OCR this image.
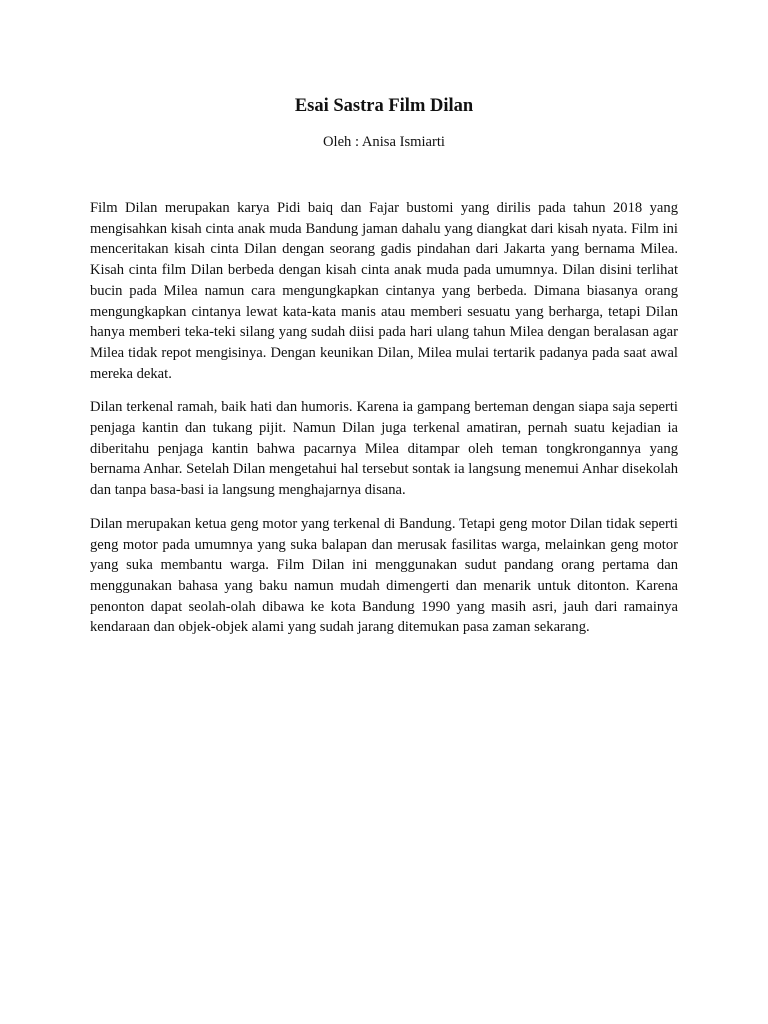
Esai Sastra Film Dilan

Oleh : Anisa Ismiarti

Film Dilan merupakan karya Pidi baiq dan Fajar bustomi yang dirilis pada tahun 2018 yang mengisahkan kisah cinta anak muda Bandung jaman dahalu yang diangkat dari kisah nyata. Film ini menceritakan kisah cinta Dilan dengan seorang gadis pindahan dari Jakarta yang bernama Milea. Kisah cinta film Dilan berbeda dengan kisah cinta anak muda pada umumnya. Dilan disini terlihat bucin pada Milea namun cara mengungkapkan cintanya yang berbeda. Dimana biasanya orang mengungkapkan cintanya lewat kata-kata manis atau memberi sesuatu yang berharga, tetapi Dilan hanya memberi teka-teki silang yang sudah diisi pada hari ulang tahun Milea dengan beralasan agar Milea tidak repot mengisinya. Dengan keunikan Dilan, Milea mulai tertarik padanya pada saat awal mereka dekat.

Dilan terkenal ramah, baik hati dan humoris. Karena ia gampang berteman dengan siapa saja seperti penjaga kantin dan tukang pijit. Namun Dilan juga terkenal amatiran, pernah suatu kejadian ia diberitahu penjaga kantin bahwa pacarnya Milea ditampar oleh teman tongkrongannya yang bernama Anhar. Setelah Dilan mengetahui hal tersebut sontak ia langsung menemui Anhar disekolah dan tanpa basa-basi ia langsung menghajarnya disana.

Dilan merupakan ketua geng motor yang terkenal di Bandung. Tetapi geng motor Dilan tidak seperti geng motor pada umumnya yang suka balapan dan merusak fasilitas warga, melainkan geng motor yang suka membantu warga. Film Dilan ini menggunakan sudut pandang orang pertama dan menggunakan bahasa yang baku namun mudah dimengerti dan menarik untuk ditonton. Karena penonton dapat seolah-olah dibawa ke kota Bandung 1990 yang masih asri, jauh dari ramainya kendaraan dan objek-objek alami yang sudah jarang ditemukan pasa zaman sekarang.
